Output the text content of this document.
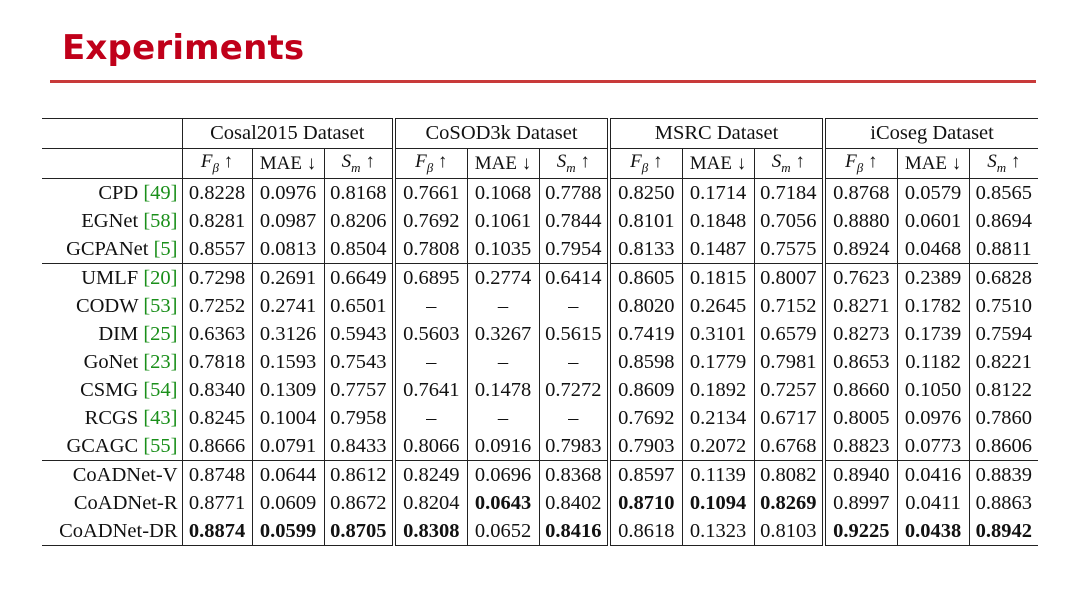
Experiments
	Cosal2015 Dataset			CoSOD3k Dataset			MSRC Dataset			iCoseg Dataset		
	$F_\beta$ ↑	MAE ↓	$S_m$ ↑	$F_\beta$ ↑	MAE ↓	$S_m$ ↑	$F_\beta$ ↑	MAE ↓	$S_m$ ↑	$F_\beta$ ↑	MAE ↓	$S_m$ ↑
CPD [49]	0.8228	0.0976	0.8168	0.7661	0.1068	0.7788	0.8250	0.1714	0.7184	0.8768	0.0579	0.8565
EGNet [58]	0.8281	0.0987	0.8206	0.7692	0.1061	0.7844	0.8101	0.1848	0.7056	0.8880	0.0601	0.8694
GCPANet [5]	0.8557	0.0813	0.8504	0.7808	0.1035	0.7954	0.8133	0.1487	0.7575	0.8924	0.0468	0.8811
UMLF [20]	0.7298	0.2691	0.6649	0.6895	0.2774	0.6414	0.8605	0.1815	0.8007	0.7623	0.2389	0.6828
CODW [53]	0.7252	0.2741	0.6501	–	–	–	0.8020	0.2645	0.7152	0.8271	0.1782	0.7510
DIM [25]	0.6363	0.3126	0.5943	0.5603	0.3267	0.5615	0.7419	0.3101	0.6579	0.8273	0.1739	0.7594
GoNet [23]	0.7818	0.1593	0.7543	–	–	–	0.8598	0.1779	0.7981	0.8653	0.1182	0.8221
CSMG [54]	0.8340	0.1309	0.7757	0.7641	0.1478	0.7272	0.8609	0.1892	0.7257	0.8660	0.1050	0.8122
RCGS [43]	0.8245	0.1004	0.7958	–	–	–	0.7692	0.2134	0.6717	0.8005	0.0976	0.7860
GCAGC [55]	0.8666	0.0791	0.8433	0.8066	0.0916	0.7983	0.7903	0.2072	0.6768	0.8823	0.0773	0.8606
CoADNet-V	0.8748	0.0644	0.8612	0.8249	0.0696	0.8368	0.8597	0.1139	0.8082	0.8940	0.0416	0.8839
CoADNet-R	0.8771	0.0609	0.8672	0.8204	0.0643	0.8402	0.8710	0.1094	0.8269	0.8997	0.0411	0.8863
CoADNet-DR	0.8874	0.0599	0.8705	0.8308	0.0652	0.8416	0.8618	0.1323	0.8103	0.9225	0.0438	0.8942
